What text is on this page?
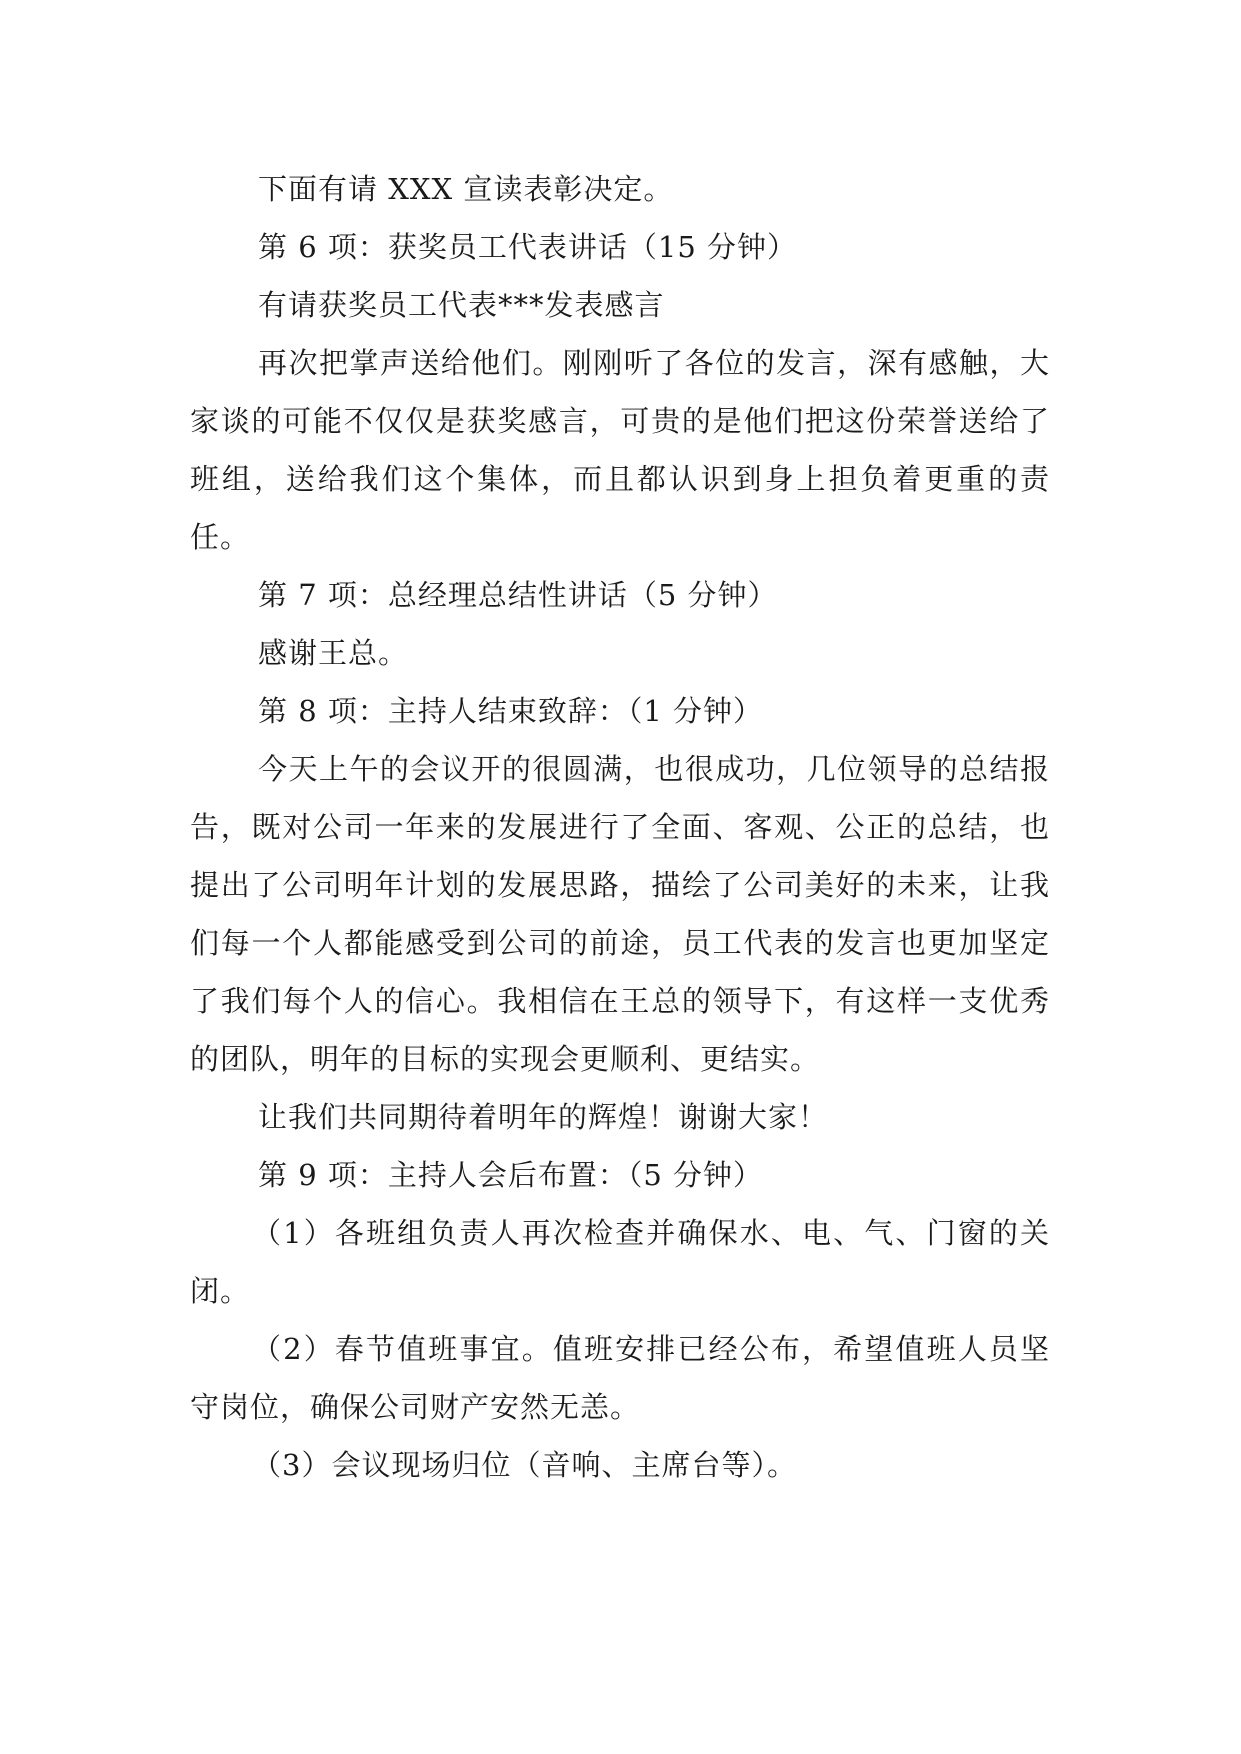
下面有请 XXX 宣读表彰决定。

第 6 项：获奖员工代表讲话（15 分钟）

有请获奖员工代表***发表感言

再次把掌声送给他们。刚刚听了各位的发言，深有感触，大家谈的可能不仅仅是获奖感言，可贵的是他们把这份荣誉送给了班组，送给我们这个集体，而且都认识到身上担负着更重的责任。

第 7 项：总经理总结性讲话（5 分钟）

感谢王总。

第 8 项：主持人结束致辞：（1 分钟）

今天上午的会议开的很圆满，也很成功，几位领导的总结报告，既对公司一年来的发展进行了全面、客观、公正的总结，也提出了公司明年计划的发展思路，描绘了公司美好的未来，让我们每一个人都能感受到公司的前途，员工代表的发言也更加坚定了我们每个人的信心。我相信在王总的领导下，有这样一支优秀的团队，明年的目标的实现会更顺利、更结实。

让我们共同期待着明年的辉煌！谢谢大家！

第 9 项：主持人会后布置：（5 分钟）

（1）各班组负责人再次检查并确保水、电、气、门窗的关闭。

（2）春节值班事宜。值班安排已经公布，希望值班人员坚守岗位，确保公司财产安然无恙。

（3）会议现场归位（音响、主席台等）。
